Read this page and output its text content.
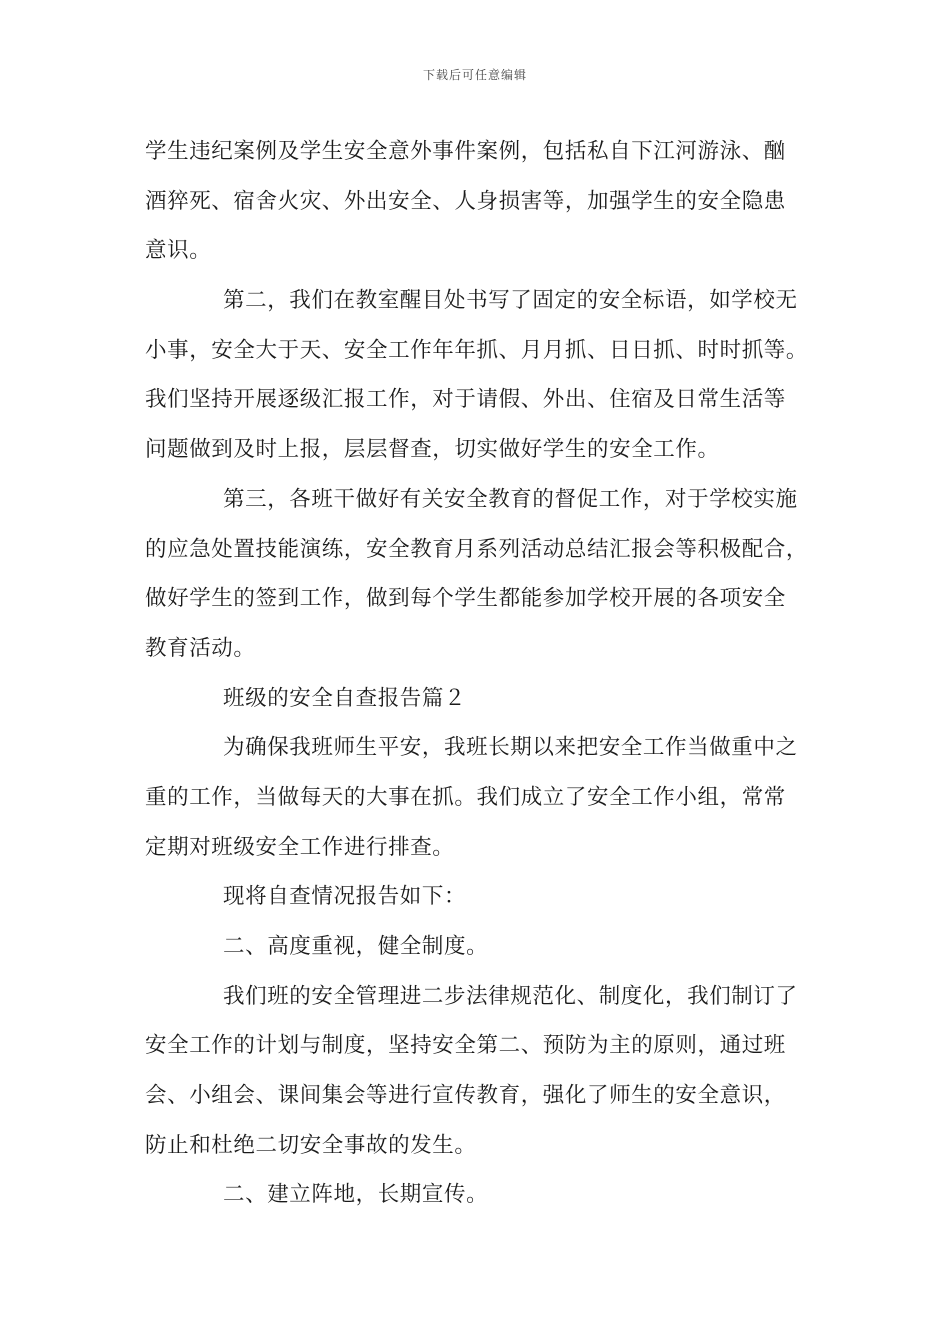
下载后可任意编辑
学生违纪案例及学生安全意外事件案例，包括私自下江河游泳、酗
酒猝死、宿舍火灾、外出安全、人身损害等，加强学生的安全隐患
意识。
第二，我们在教室醒目处书写了固定的安全标语，如学校无
小事，安全大于天、安全工作年年抓、月月抓、日日抓、时时抓等。
我们坚持开展逐级汇报工作，对于请假、外出、住宿及日常生活等
问题做到及时上报，层层督查，切实做好学生的安全工作。
第三，各班干做好有关安全教育的督促工作，对于学校实施
的应急处置技能演练，安全教育月系列活动总结汇报会等积极配合，
做好学生的签到工作，做到每个学生都能参加学校开展的各项安全
教育活动。
班级的安全自查报告篇２
为确保我班师生平安，我班长期以来把安全工作当做重中之
重的工作，当做每天的大事在抓。我们成立了安全工作小组，常常
定期对班级安全工作进行排查。
现将自查情况报告如下：
二、高度重视，健全制度。
我们班的安全管理进二步法律规范化、制度化，我们制订了
安全工作的计划与制度，坚持安全第二、预防为主的原则，通过班
会、小组会、课间集会等进行宣传教育，强化了师生的安全意识，
防止和杜绝二切安全事故的发生。
二、建立阵地，长期宣传。
